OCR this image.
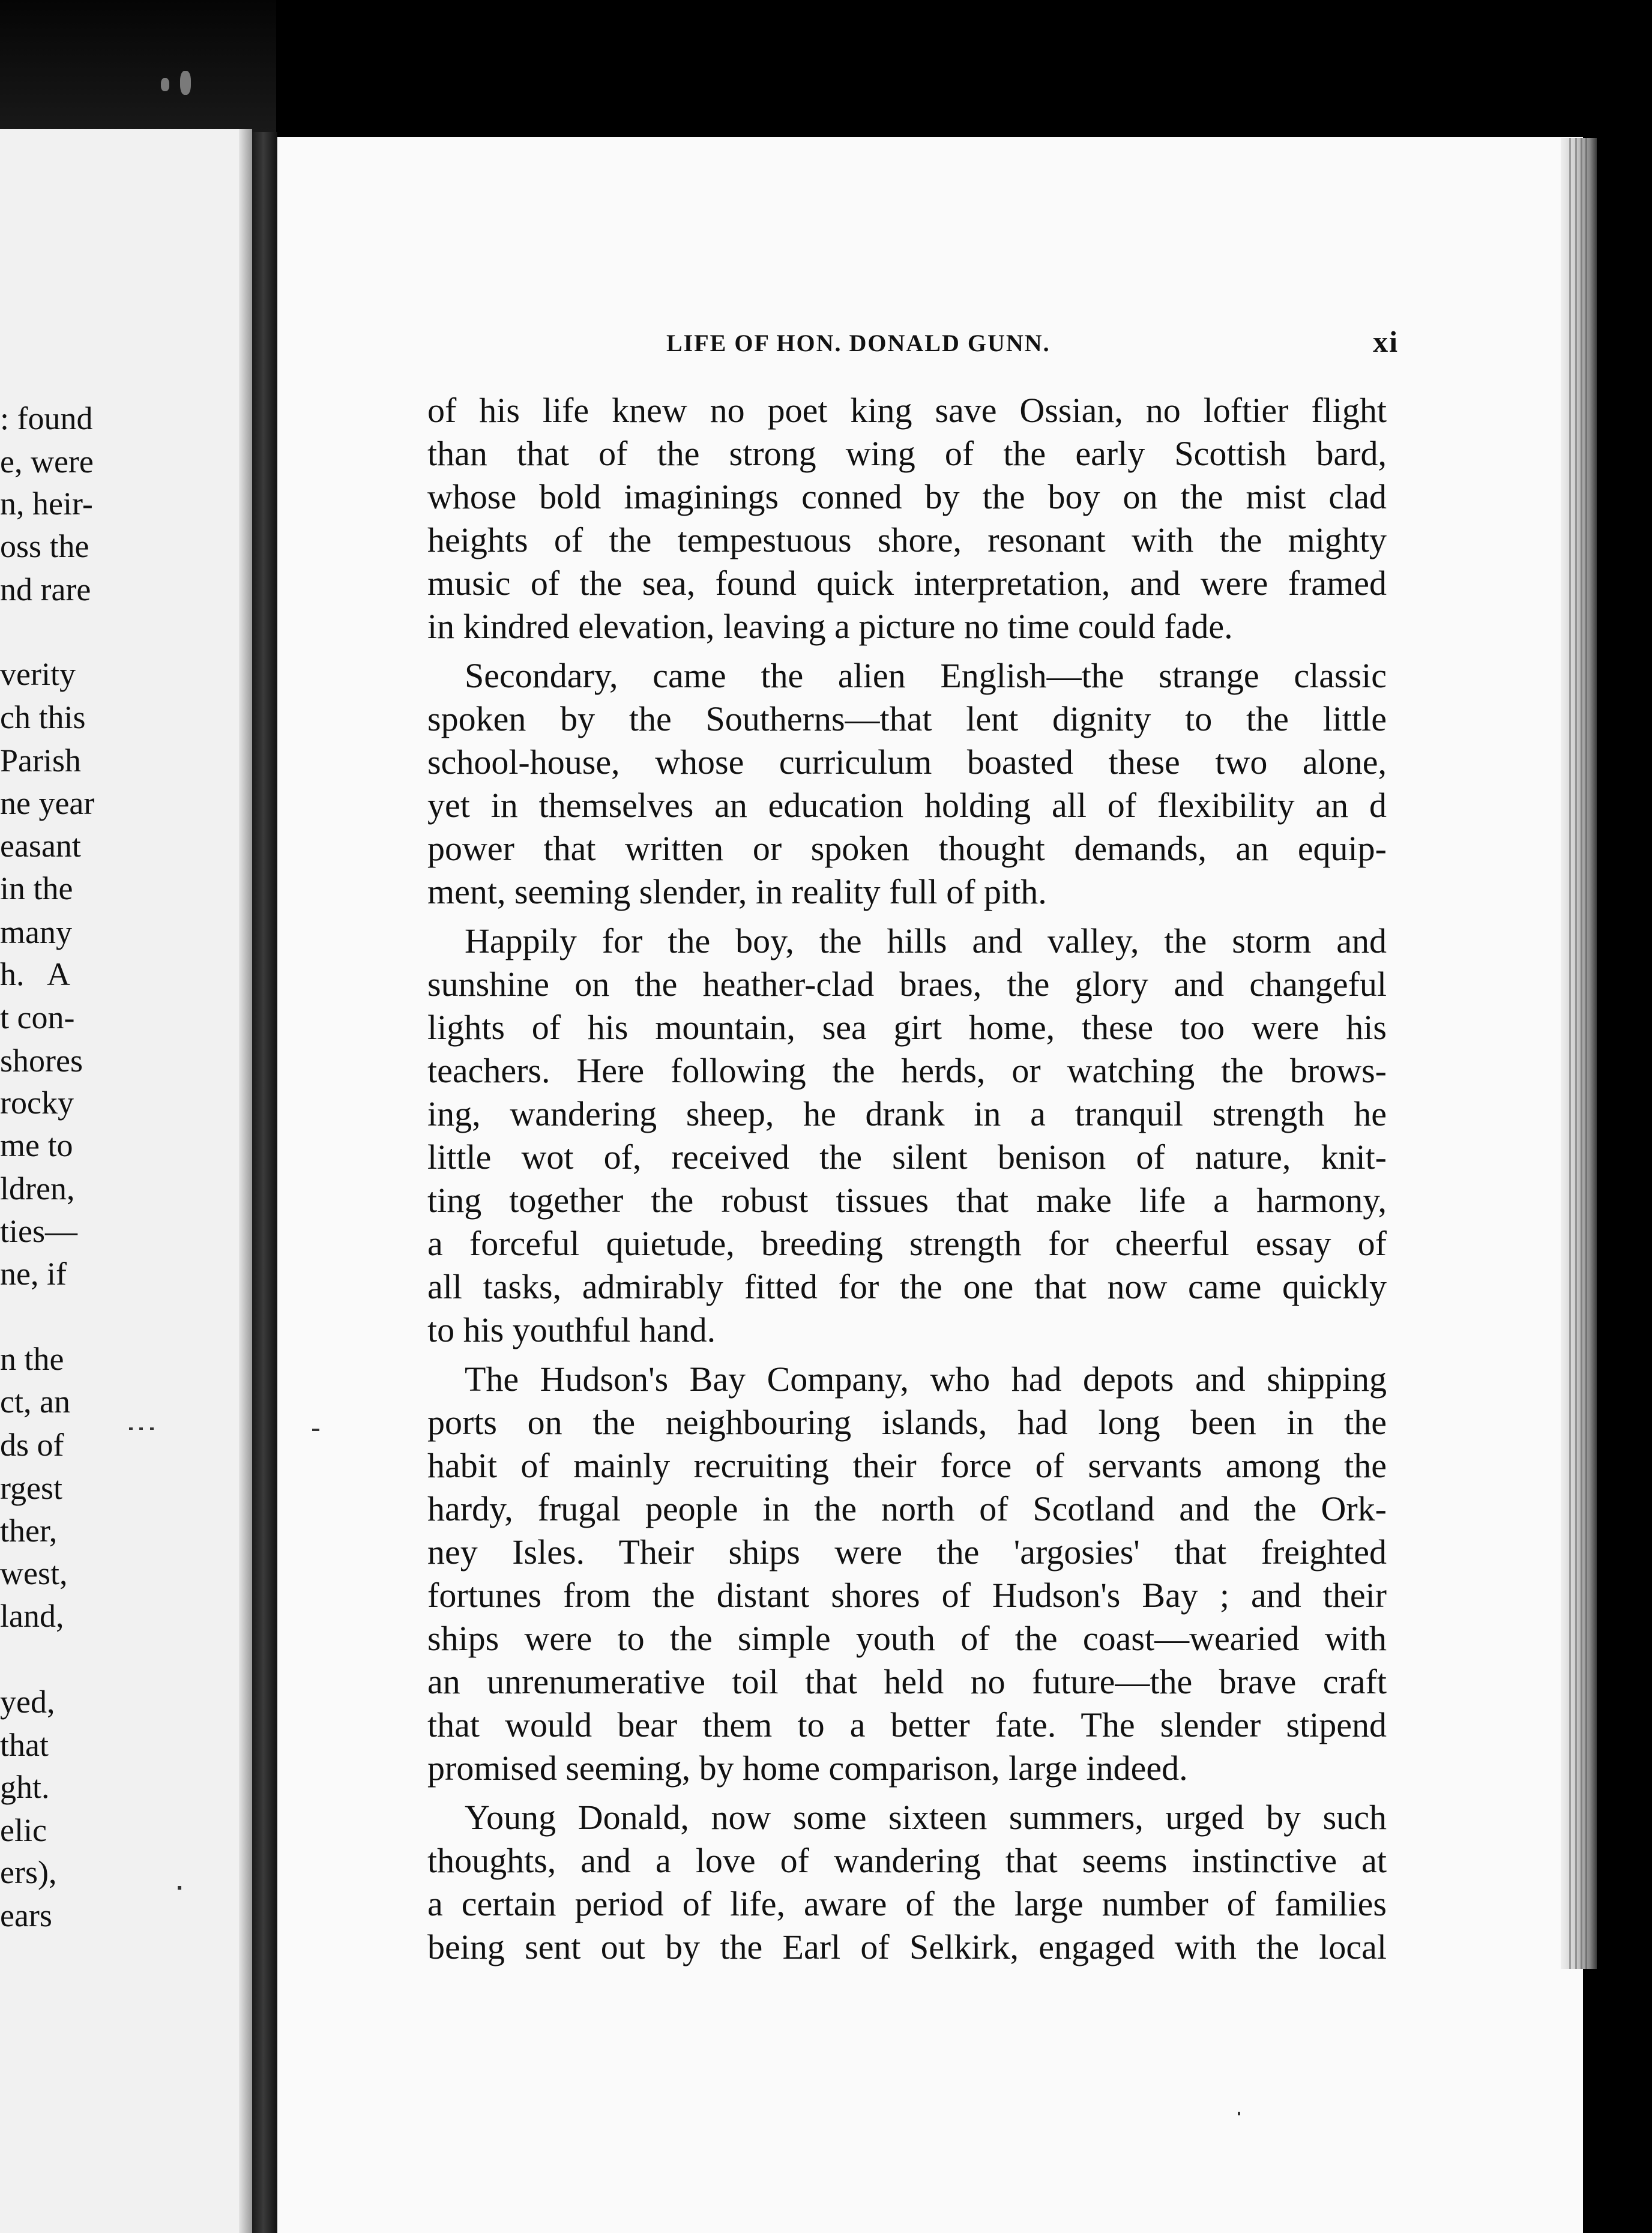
: found
e, were
n, heir-
oss the
nd rare
verity
ch this
Parish
ne year
easant
in the
many
h.   A
t con-
shores
rocky
me to
ldren,
ties—
ne, if
n the
ct, an
ds of
rgest
ther,
west,
land,
yed,
that
ght.
elic
ers),
ears
LIFE OF HON. DONALD GUNN.	xi
of his life knew no poet king save Ossian, no loftier flight
than that of the strong wing of the early Scottish bard,
whose bold imaginings conned by the boy on the mist clad
heights of the tempestuous shore, resonant with the mighty
music of the sea, found quick interpretation, and were framed
in kindred elevation, leaving a picture no time could fade.
Secondary, came the alien English—the strange classic
spoken by the Southerns—that lent dignity to the little
school-house, whose curriculum boasted these two alone,
yet in themselves an education holding all of flexibility an d
power that written or spoken thought demands, an equip-
ment, seeming slender, in reality full of pith.
Happily for the boy, the hills and valley, the storm and
sunshine on the heather-clad braes, the glory and changeful
lights of his mountain, sea girt home, these too were his
teachers. Here following the herds, or watching the brows-
ing, wandering sheep, he drank in a tranquil strength he
little wot of, received the silent benison of nature, knit-
ting together the robust tissues that make life a harmony,
a forceful quietude, breeding strength for cheerful essay of
all tasks, admirably fitted for the one that now came quickly
to his youthful hand.
The Hudson's Bay Company, who had depots and shipping
ports on the neighbouring islands, had long been in the
habit of mainly recruiting their force of servants among the
hardy, frugal people in the north of Scotland and the Ork-
ney Isles. Their ships were the 'argosies' that freighted
fortunes from the distant shores of Hudson's Bay ; and their
ships were to the simple youth of the coast—wearied with
an unrenumerative toil that held no future—the brave craft
that would bear them to a better fate. The slender stipend
promised seeming, by home comparison, large indeed.
Young Donald, now some sixteen summers, urged by such
thoughts, and a love of wandering that seems instinctive at
a certain period of life, aware of the large number of families
being sent out by the Earl of Selkirk, engaged with the local
